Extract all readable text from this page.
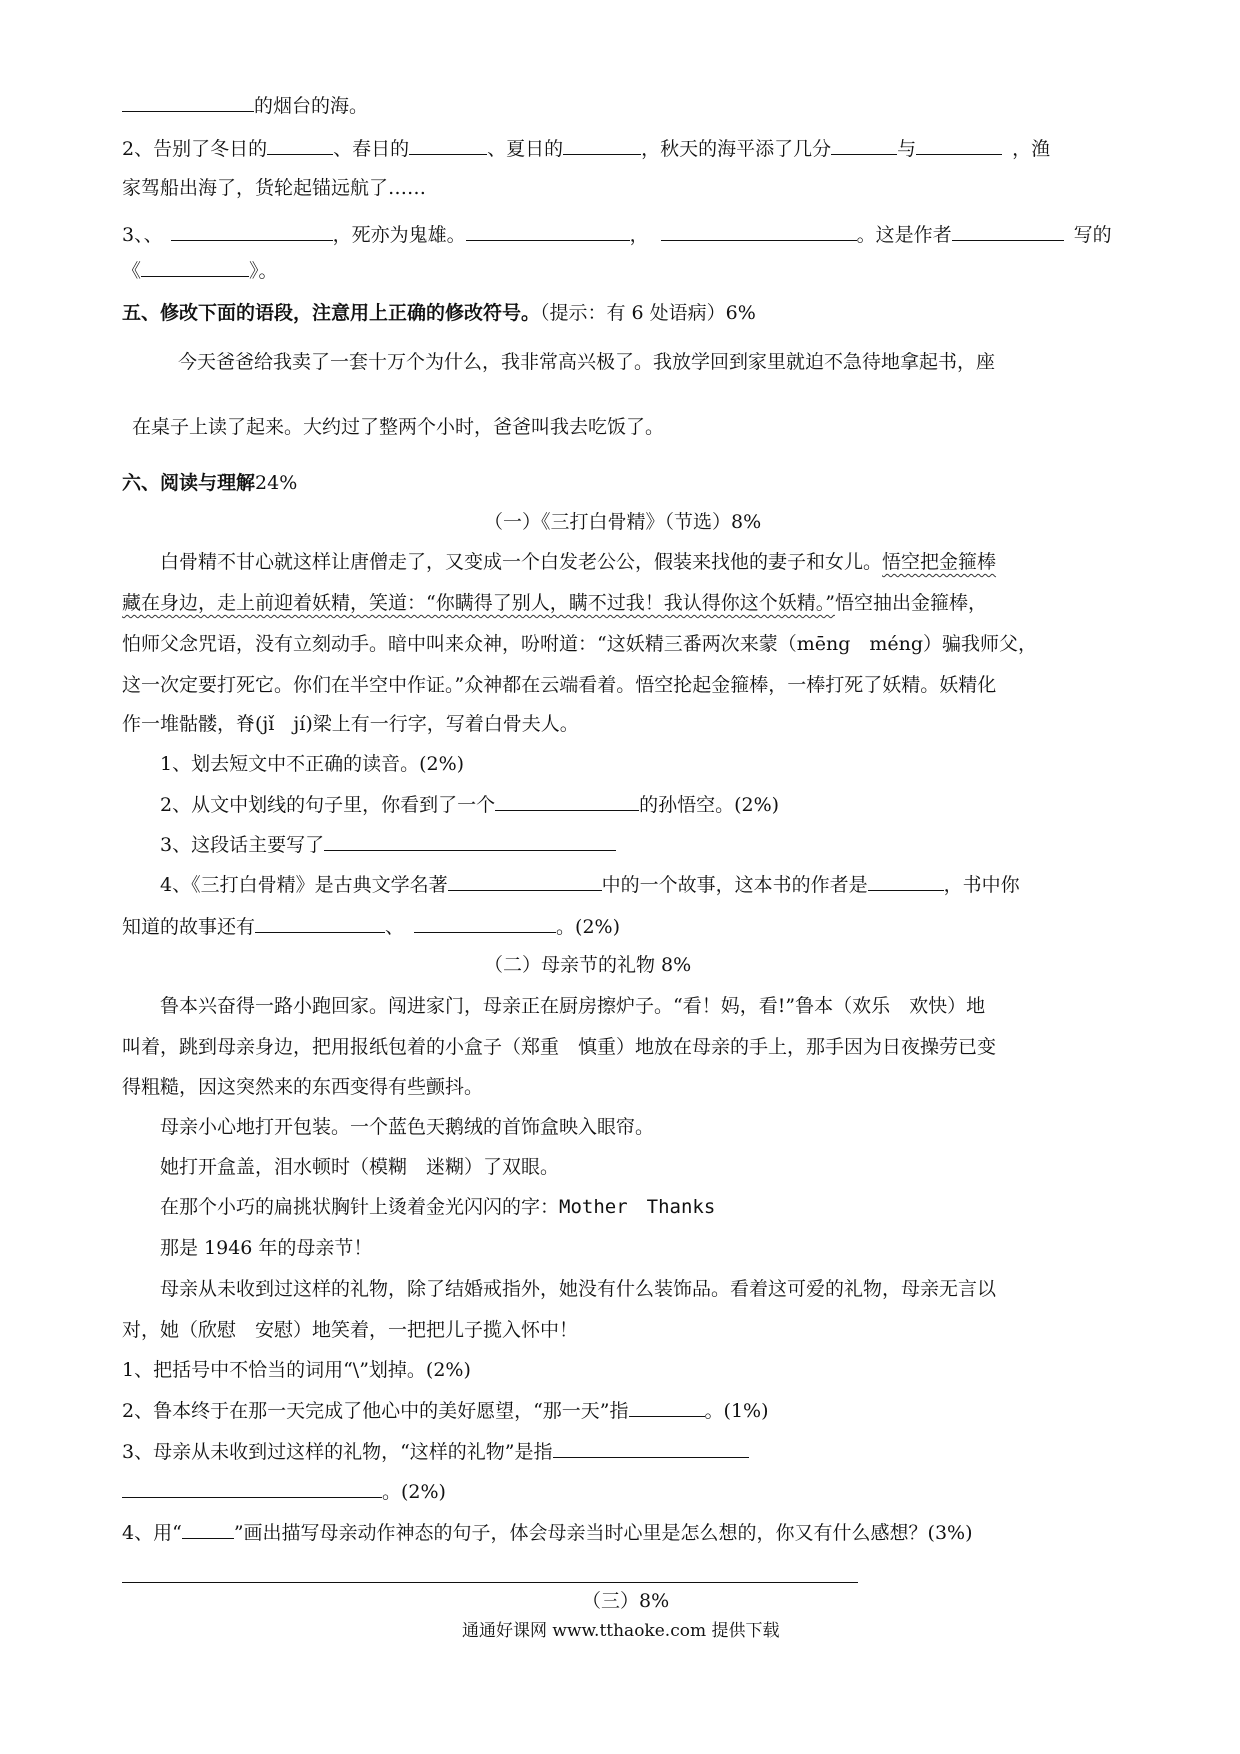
的烟台的海。
2、告别了冬日的	、春日的	、夏日的	，秋天的海平添了几分	与	，渔
家驾船出海了，货轮起锚远航了……
3、、	，死亦为鬼雄。	，	。这是作者	写的
《	》。
五、修改下面的语段，注意用上正确的修改符号。（提示：有 6 处语病）6%
今天爸爸给我卖了一套十万个为什么，我非常高兴极了。我放学回到家里就迫不急待地拿起书，座
在桌子上读了起来。大约过了整两个小时，爸爸叫我去吃饭了。
六、阅读与理解24%
（一）《三打白骨精》（节选）8%
白骨精不甘心就这样让唐僧走了，又变成一个白发老公公，假装来找他的妻子和女儿。悟空把金箍棒
藏在身边，走上前迎着妖精，笑道：“你瞒得了别人，瞒不过我！我认得你这个妖精。”悟空抽出金箍棒，
怕师父念咒语，没有立刻动手。暗中叫来众神，吩咐道：“这妖精三番两次来蒙（mēng　méng）骗我师父，
这一次定要打死它。你们在半空中作证。”众神都在云端看着。悟空抡起金箍棒，一棒打死了妖精。妖精化
作一堆骷髅，脊(jǐ　jí)梁上有一行字，写着白骨夫人。
1、划去短文中不正确的读音。(2%)
2、从文中划线的句子里，你看到了一个	的孙悟空。(2%)
3、这段话主要写了
4、《三打白骨精》是古典文学名著	中的一个故事，这本书的作者是	，书中你
知道的故事还有	、	。(2%)
（二）母亲节的礼物 8%
鲁本兴奋得一路小跑回家。闯进家门，母亲正在厨房擦炉子。“看！妈，看!”鲁本（欢乐　欢快）地
叫着，跳到母亲身边，把用报纸包着的小盒子（郑重　慎重）地放在母亲的手上，那手因为日夜操劳已变
得粗糙，因这突然来的东西变得有些颤抖。
母亲小心地打开包装。一个蓝色天鹅绒的首饰盒映入眼帘。
她打开盒盖，泪水顿时（模糊　迷糊）了双眼。
在那个小巧的扁挑状胸针上烫着金光闪闪的字：Mother　Thanks
那是 1946 年的母亲节！
母亲从未收到过这样的礼物，除了结婚戒指外，她没有什么装饰品。看着这可爱的礼物，母亲无言以
对，她（欣慰　安慰）地笑着，一把把儿子揽入怀中！
1、把括号中不恰当的词用“\”划掉。(2%)
2、鲁本终于在那一天完成了他心中的美好愿望，“那一天”指	。(1%)
3、母亲从未收到过这样的礼物，“这样的礼物”是指
。(2%)
4、用“	”画出描写母亲动作神态的句子，体会母亲当时心里是怎么想的，你又有什么感想？(3%)
（三）8%
通通好课网 www.tthaoke.com 提供下载
